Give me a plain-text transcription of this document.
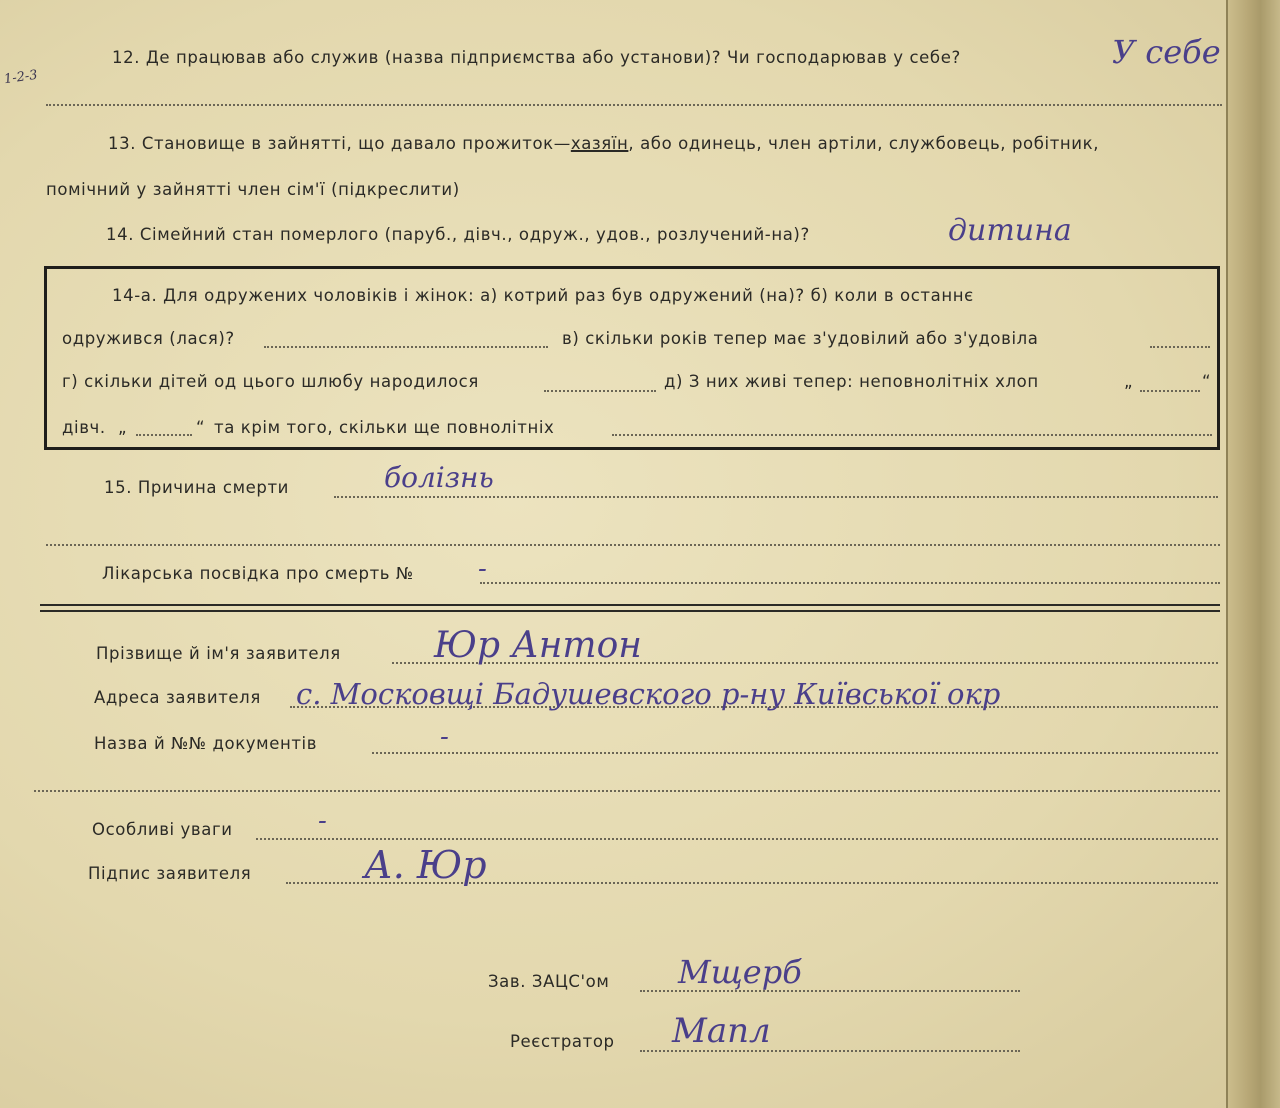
1-2-3
12. Де працював або служив (назва підприємства або установи)? Чи господарював у себе?	У себе
13. Становище в зайнятті, що давало прожиток—хазяїн, або одинець, член артіли, службовець, робітник,
помічний у зайнятті член сім'ї (підкреслити)
14. Сімейний стан померлого (паруб., дівч., одруж., удов., розлучений-на)?	дитина
14-а. Для одружених чоловіків і жінок: а) котрий раз був одружений (на)? б) коли в останнє
одружився (лася)?	в) скільки років тепер має з'удовілий або з'удовіла
г) скільки дітей од цього шлюбу народилося	д) З них живі тепер: неповнолітніх хлоп	„	“
дівч. „	“ та крім того, скільки ще повнолітніх
15. Причина смерти	болізнь
Лікарська посвідка про смерть № -
Прізвище й ім'я заявителя	Юр Антон
Адреса заявителя с. Московщі Бадушевского р-ну Київської окр
Назва й №№ документів	-
Особливі уваги	-
Підпис заявителя	А. Юр
Зав. ЗАЦС'ом Мщерб
Реєстратор Мапл
